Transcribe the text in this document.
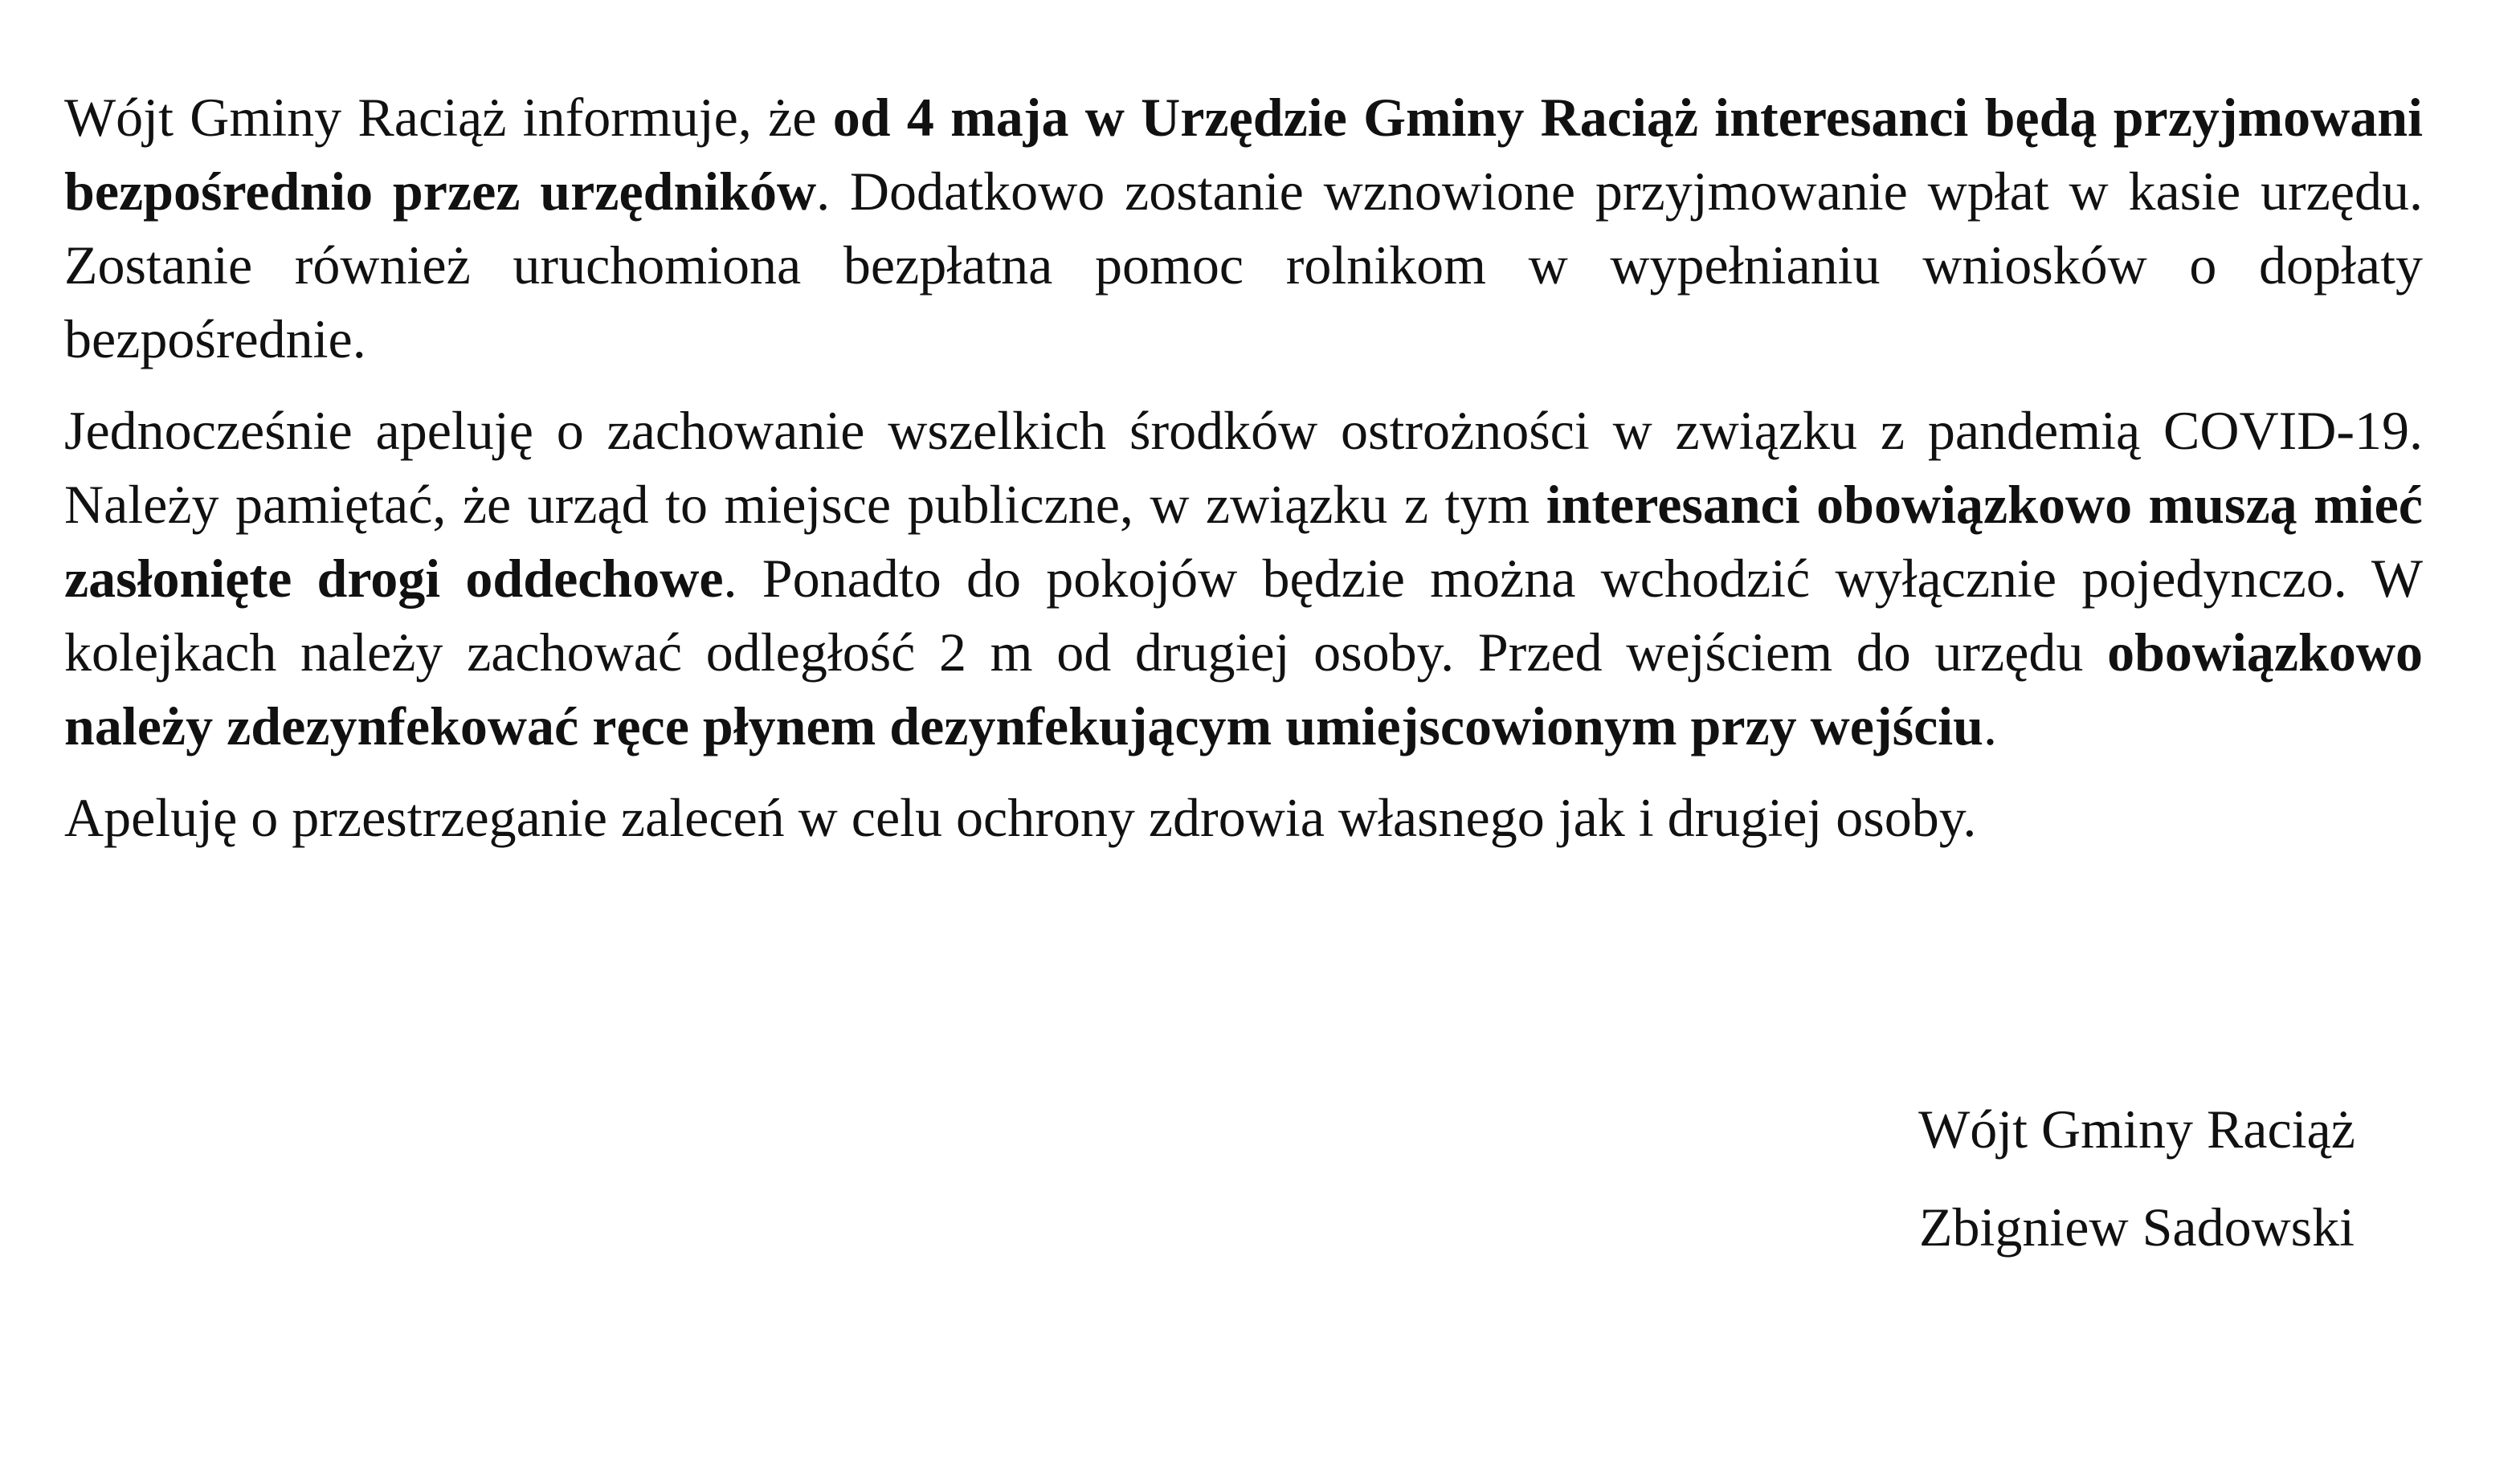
Wójt Gminy Raciąż informuje, że od 4 maja w Urzędzie Gminy Raciąż interesanci będą przyjmowani bezpośrednio przez urzędników. Dodatkowo zostanie wznowione przyjmowanie wpłat w kasie urzędu. Zostanie również uruchomiona bezpłatna pomoc rolnikom w wypełnianiu wniosków o dopłaty bezpośrednie.

Jednocześnie apeluję o zachowanie wszelkich środków ostrożności w związku z pandemią COVID-19. Należy pamiętać, że urząd to miejsce publiczne, w związku z tym interesanci obowiązkowo muszą mieć zasłonięte drogi oddechowe. Ponadto do pokojów będzie można wchodzić wyłącznie pojedynczo. W kolejkach należy zachować odległość 2 m od drugiej osoby. Przed wejściem do urzędu obowiązkowo należy zdezynfekować ręce płynem dezynfekującym umiejscowionym przy wejściu.

Apeluję o przestrzeganie zaleceń w celu ochrony zdrowia własnego jak i drugiej osoby.

Wójt Gminy Raciąż
Zbigniew Sadowski
